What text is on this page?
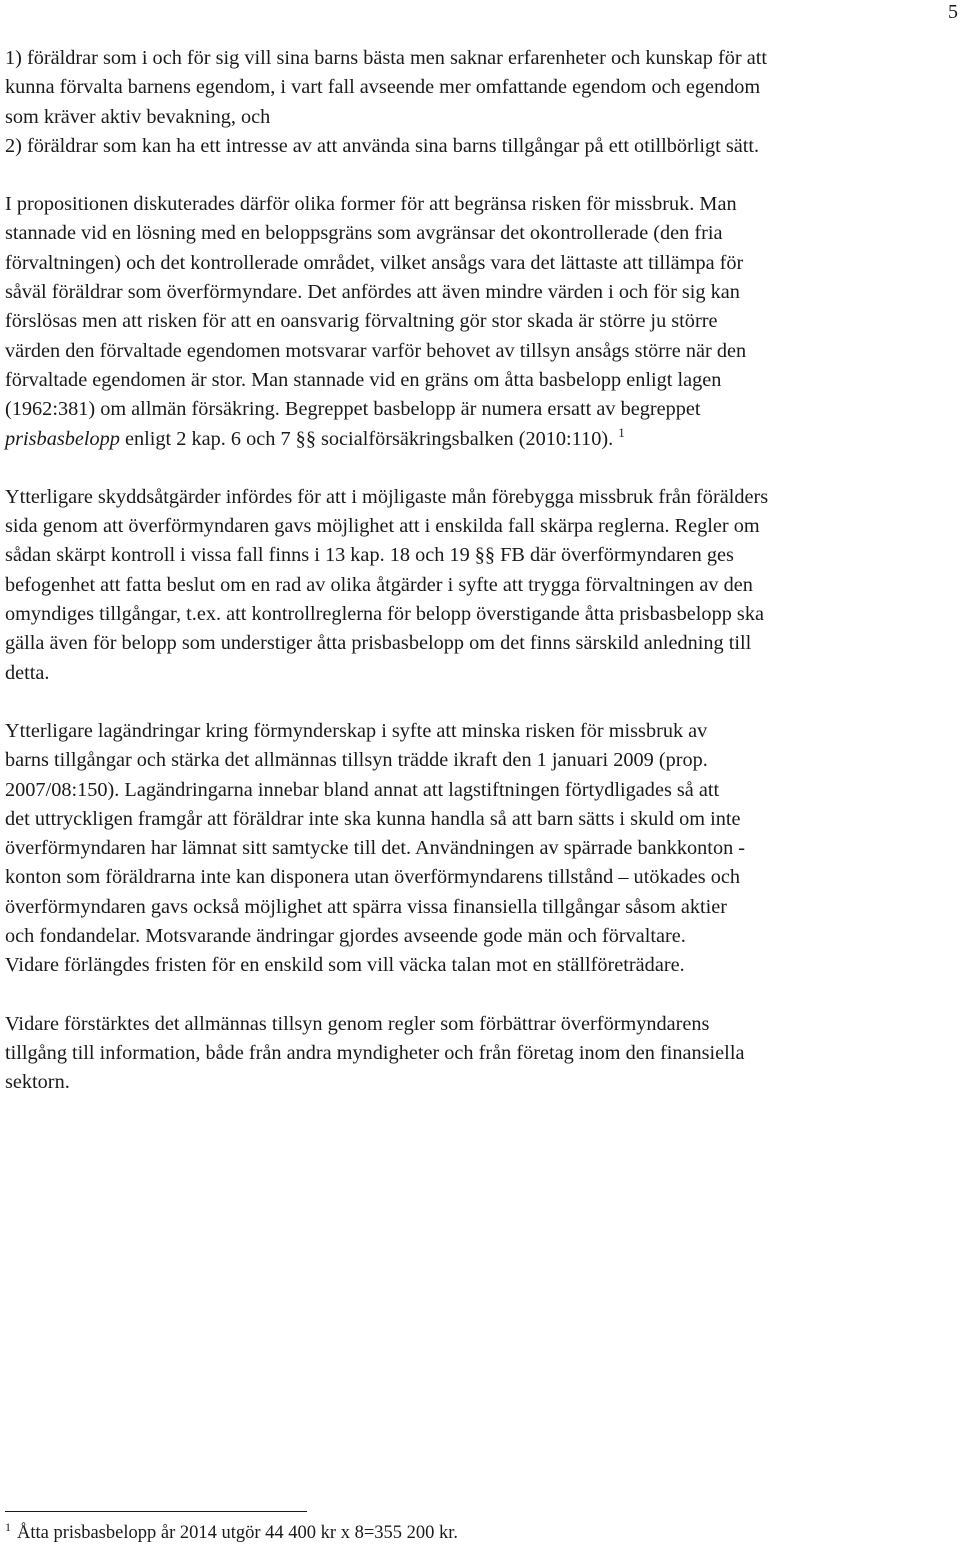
5
1) föräldrar som i och för sig vill sina barns bästa men saknar erfarenheter och kunskap för att
kunna förvalta barnens egendom, i vart fall avseende mer omfattande egendom och egendom
som kräver aktiv bevakning, och
2) föräldrar som kan ha ett intresse av att använda sina barns tillgångar på ett otillbörligt sätt.
I propositionen diskuterades därför olika former för att begränsa risken för missbruk. Man
stannade vid en lösning med en beloppsgräns som avgränsar det okontrollerade (den fria
förvaltningen) och det kontrollerade området, vilket ansågs vara det lättaste att tillämpa för
såväl föräldrar som överförmyndare. Det anfördes att även mindre värden i och för sig kan
förslösas men att risken för att en oansvarig förvaltning gör stor skada är större ju större
värden den förvaltade egendomen motsvarar varför behovet av tillsyn ansågs större när den
förvaltade egendomen är stor. Man stannade vid en gräns om åtta basbelopp enligt lagen
(1962:381) om allmän försäkring. Begreppet basbelopp är numera ersatt av begreppet
prisbasbelopp enligt 2 kap. 6 och 7 §§ socialförsäkringsbalken (2010:110). $^1$
Ytterligare skyddsåtgärder infördes för att i möjligaste mån förebygga missbruk från förälders
sida genom att överförmyndaren gavs möjlighet att i enskilda fall skärpa reglerna. Regler om
sådan skärpt kontroll i vissa fall finns i 13 kap. 18 och 19 §§ FB där överförmyndaren ges
befogenhet att fatta beslut om en rad av olika åtgärder i syfte att trygga förvaltningen av den
omyndiges tillgångar, t.ex. att kontrollreglerna för belopp överstigande åtta prisbasbelopp ska
gälla även för belopp som understiger åtta prisbasbelopp om det finns särskild anledning till
detta.
Ytterligare lagändringar kring förmynderskap i syfte att minska risken för missbruk av
barns tillgångar och stärka det allmännas tillsyn trädde ikraft den 1 januari 2009 (prop.
2007/08:150). Lagändringarna innebar bland annat att lagstiftningen förtydligades så att
det uttryckligen framgår att föräldrar inte ska kunna handla så att barn sätts i skuld om inte
överförmyndaren har lämnat sitt samtycke till det. Användningen av spärrade bankkonton -
konton som föräldrarna inte kan disponera utan överförmyndarens tillstånd – utökades och
överförmyndaren gavs också möjlighet att spärra vissa finansiella tillgångar såsom aktier
och fondandelar. Motsvarande ändringar gjordes avseende gode män och förvaltare.
Vidare förlängdes fristen för en enskild som vill väcka talan mot en ställföreträdare.
Vidare förstärktes det allmännas tillsyn genom regler som förbättrar överförmyndarens
tillgång till information, både från andra myndigheter och från företag inom den finansiella
sektorn.
$^1$ Åtta prisbasbelopp år 2014 utgör 44 400 kr x 8=355 200 kr.
